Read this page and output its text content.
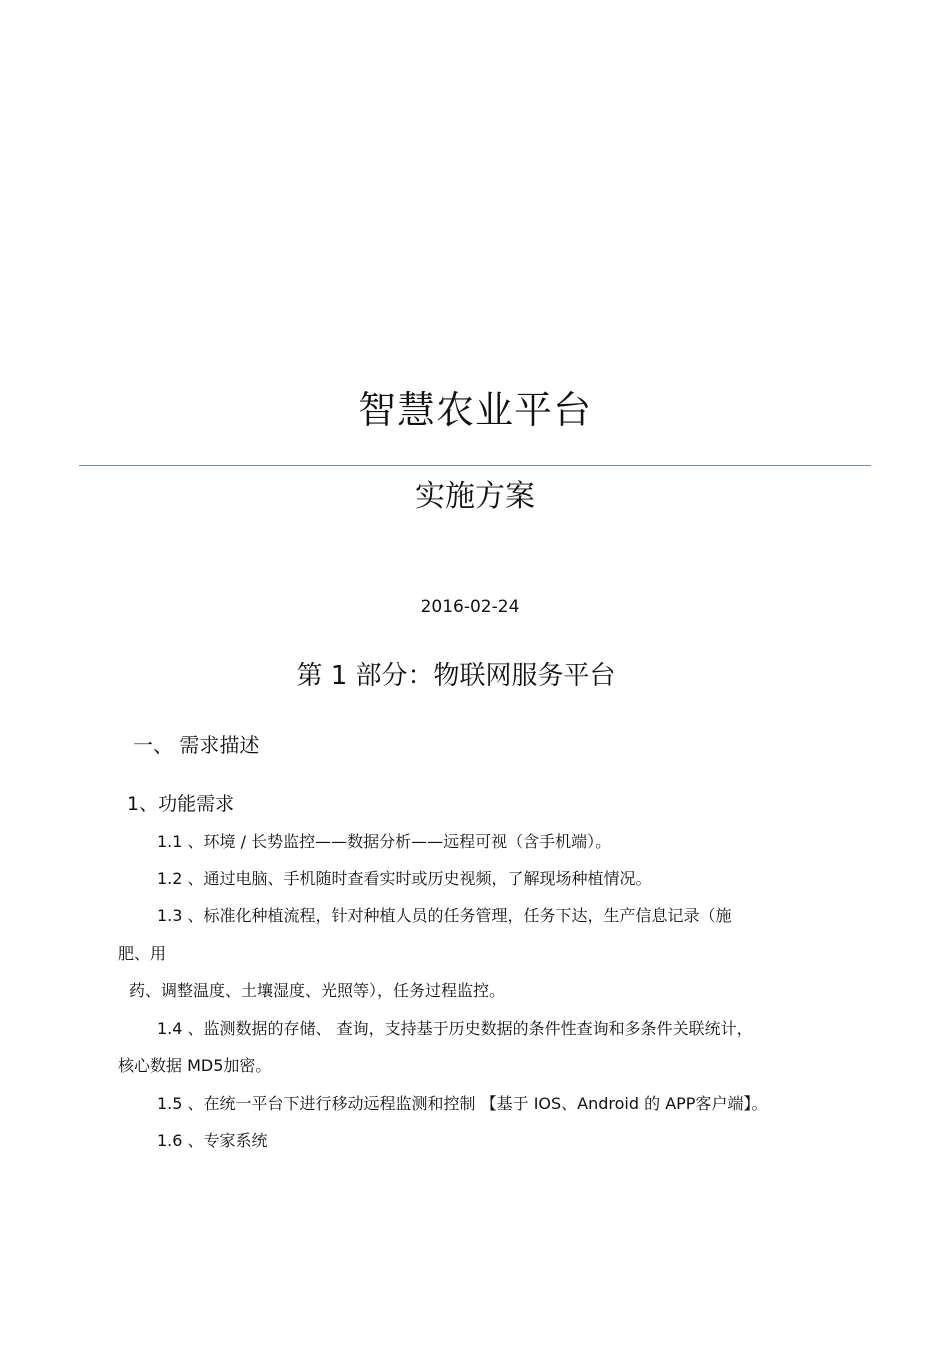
智慧农业平台
实施方案
2016-02-24
第 1 部分：物联网服务平台
一、 需求描述
1、功能需求
1.1 、环境 / 长势监控——数据分析——远程可视（含手机端）。
1.2 、通过电脑、手机随时查看实时或历史视频，了解现场种植情况。
1.3 、标准化种植流程，针对种植人员的任务管理，任务下达，生产信息记录（施
肥、用
药、调整温度、土壤湿度、光照等），任务过程监控。
1.4 、监测数据的存储、 查询，支持基于历史数据的条件性查询和多条件关联统计，
核心数据 MD5加密。
1.5 、在统一平台下进行移动远程监测和控制 【基于 IOS、Android 的 APP客户端】。
1.6 、专家系统
